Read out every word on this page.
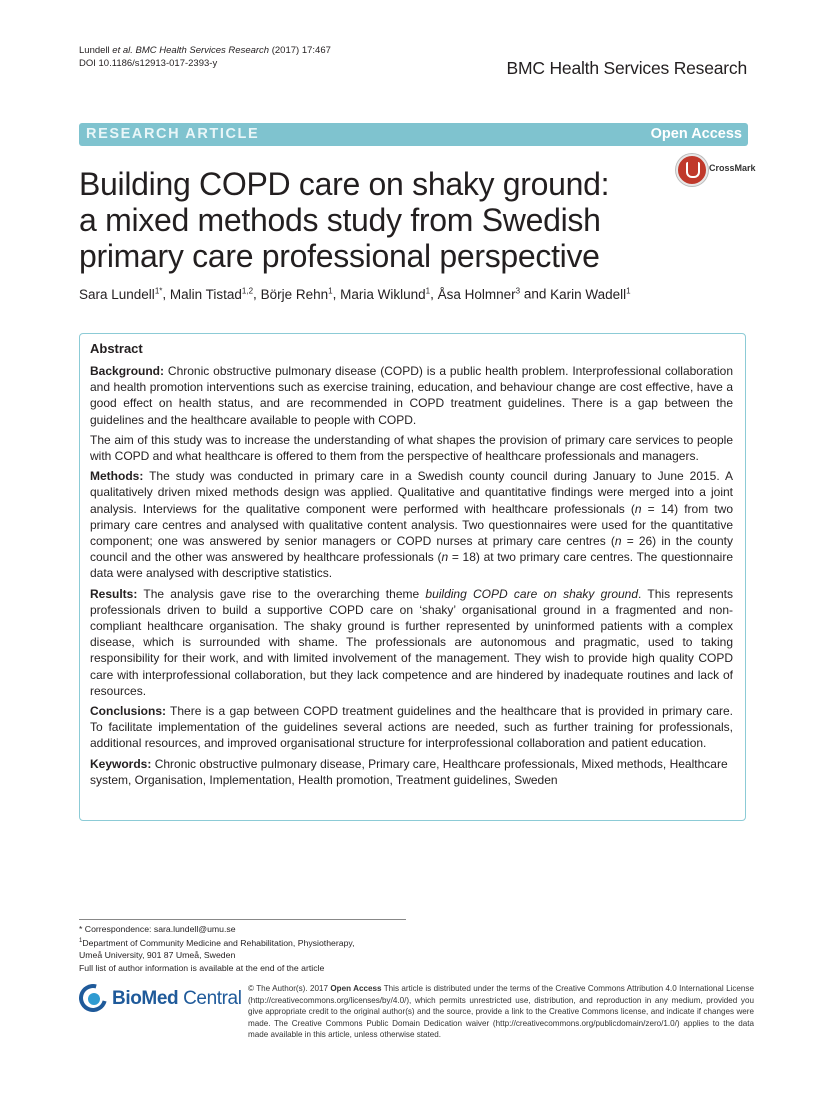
Lundell et al. BMC Health Services Research (2017) 17:467
DOI 10.1186/s12913-017-2393-y	BMC Health Services Research
RESEARCH ARTICLE	Open Access
CrossMark
Building COPD care on shaky ground:
a mixed methods study from Swedish
primary care professional perspective
Sara Lundell$^{1*}$, Malin Tistad$^{1,2}$, Börje Rehn$^1$, Maria Wiklund$^1$, Åsa Holmner$^3$ and Karin Wadell$^1$
Abstract

Background: Chronic obstructive pulmonary disease (COPD) is a public health problem. Interprofessional collaboration and health promotion interventions such as exercise training, education, and behaviour change are cost effective, have a good effect on health status, and are recommended in COPD treatment guidelines. There is a gap between the guidelines and the healthcare available to people with COPD.

The aim of this study was to increase the understanding of what shapes the provision of primary care services to people with COPD and what healthcare is offered to them from the perspective of healthcare professionals and managers.

Methods: The study was conducted in primary care in a Swedish county council during January to June 2015. A qualitatively driven mixed methods design was applied. Qualitative and quantitative findings were merged into a joint analysis. Interviews for the qualitative component were performed with healthcare professionals (n = 14) from two primary care centres and analysed with qualitative content analysis. Two questionnaires were used for the quantitative component; one was answered by senior managers or COPD nurses at primary care centres (n = 26) in the county council and the other was answered by healthcare professionals (n = 18) at two primary care centres. The questionnaire data were analysed with descriptive statistics.

Results: The analysis gave rise to the overarching theme building COPD care on shaky ground. This represents professionals driven to build a supportive COPD care on ‘shaky’ organisational ground in a fragmented and non-compliant healthcare organisation. The shaky ground is further represented by uninformed patients with a complex disease, which is surrounded with shame. The professionals are autonomous and pragmatic, used to taking responsibility for their work, and with limited involvement of the management. They wish to provide high quality COPD care with interprofessional collaboration, but they lack competence and are hindered by inadequate routines and lack of resources.

Conclusions: There is a gap between COPD treatment guidelines and the healthcare that is provided in primary care. To facilitate implementation of the guidelines several actions are needed, such as further training for professionals, additional resources, and improved organisational structure for interprofessional collaboration and patient education.

Keywords: Chronic obstructive pulmonary disease, Primary care, Healthcare professionals, Mixed methods, Healthcare system, Organisation, Implementation, Health promotion, Treatment guidelines, Sweden

* Correspondence: sara.lundell@umu.se
$^1$Department of Community Medicine and Rehabilitation, Physiotherapy,
Umeå University, 901 87 Umeå, Sweden
Full list of author information is available at the end of the article
BioMed Central © The Author(s). 2017 Open Access This article is distributed under the terms of the Creative Commons Attribution 4.0 International License (http://creativecommons.org/licenses/by/4.0/), which permits unrestricted use, distribution, and reproduction in any medium, provided you give appropriate credit to the original author(s) and the source, provide a link to the Creative Commons license, and indicate if changes were made. The Creative Commons Public Domain Dedication waiver (http://creativecommons.org/publicdomain/zero/1.0/) applies to the data made available in this article, unless otherwise stated.
